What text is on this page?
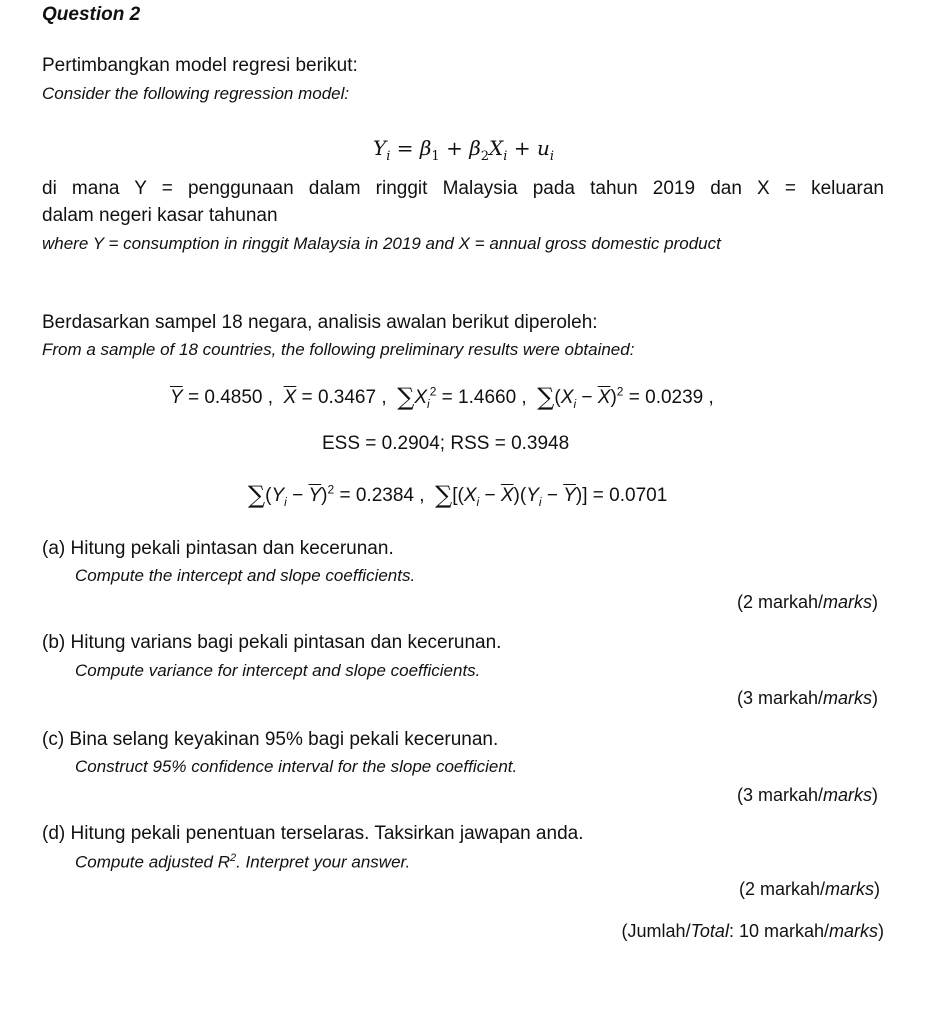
Question 2
Pertimbangkan model regresi berikut:
Consider the following regression model:
$Y_i = \beta_1 + \beta_2X_i + u_i$
di mana Y = penggunaan dalam ringgit Malaysia pada tahun 2019 dan X = keluaran
dalam negeri kasar tahunan
where Y = consumption in ringgit Malaysia in 2019 and X = annual gross domestic product
Berdasarkan sampel 18 negara, analisis awalan berikut diperoleh:
From a sample of 18 countries, the following preliminary results were obtained:
$\overline{Y} = 0.4850$ ,  $\overline{X} = 0.3467$ ,  $\sum X_i^2 = 1.4660$ ,  $\sum(X_i - \overline{X})^2 = 0.0239$ ,
ESS = 0.2904; RSS = 0.3948
$\sum(Y_i - \overline{Y})^2 = 0.2384$ ,  $\sum[(X_i - \overline{X})(Y_i - \overline{Y})] = 0.0701$
(a) Hitung pekali pintasan dan kecerunan.
Compute the intercept and slope coefficients.
(2 markah/marks)
(b) Hitung varians bagi pekali pintasan dan kecerunan.
Compute variance for intercept and slope coefficients.
(3 markah/marks)
(c) Bina selang keyakinan 95% bagi pekali kecerunan.
Construct 95% confidence interval for the slope coefficient.
(3 markah/marks)
(d) Hitung pekali penentuan terselaras. Taksirkan jawapan anda.
Compute adjusted $R^2$. Interpret your answer.
(2 markah/marks)
(Jumlah/Total: 10 markah/marks)
